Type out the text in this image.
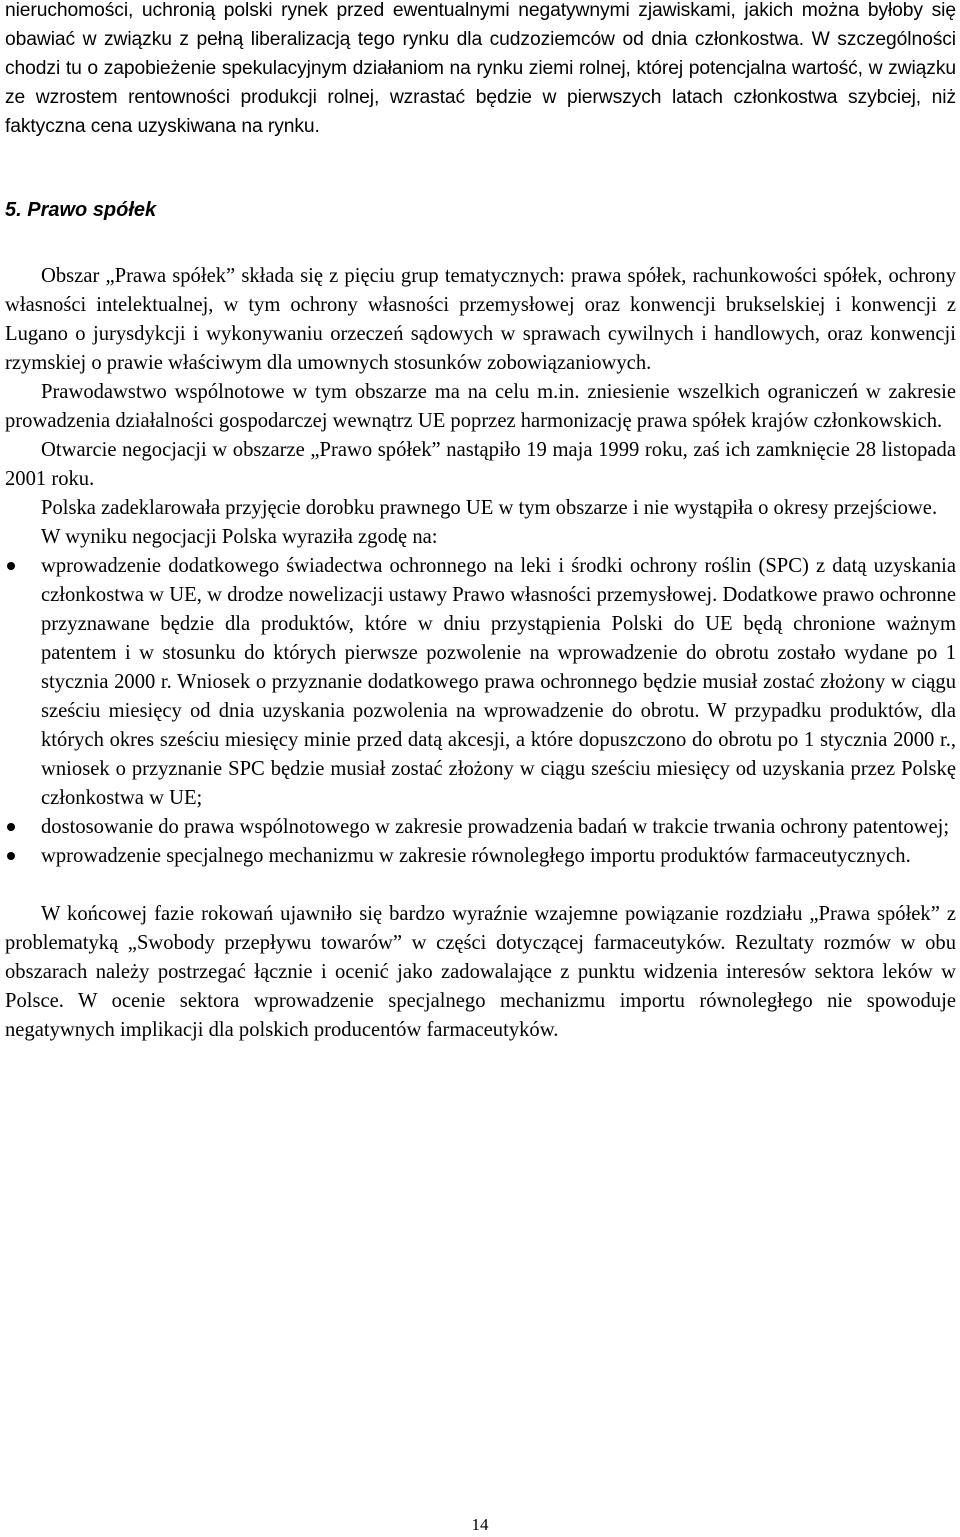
nieruchomości, uchronią polski rynek przed ewentualnymi negatywnymi zjawiskami, jakich można byłoby się obawiać w związku z pełną liberalizacją tego rynku dla cudzoziemców od dnia członkostwa. W szczególności chodzi tu o zapobieżenie spekulacyjnym działaniom na rynku ziemi rolnej, której potencjalna wartość, w związku ze wzrostem rentowności produkcji rolnej, wzrastać będzie w pierwszych latach członkostwa szybciej, niż faktyczna cena uzyskiwana na rynku.

5. Prawo spółek

Obszar „Prawa spółek” składa się z pięciu grup tematycznych: prawa spółek, rachunkowości spółek, ochrony własności intelektualnej, w tym ochrony własności przemysłowej oraz konwencji brukselskiej i konwencji z Lugano o jurysdykcji i wykonywaniu orzeczeń sądowych w sprawach cywilnych i handlowych, oraz konwencji rzymskiej o prawie właściwym dla umownych stosunków zobowiązaniowych.

Prawodawstwo wspólnotowe w tym obszarze ma na celu m.in. zniesienie wszelkich ograniczeń w zakresie prowadzenia działalności gospodarczej wewnątrz UE poprzez harmonizację prawa spółek krajów członkowskich.

Otwarcie negocjacji w obszarze „Prawo spółek” nastąpiło 19 maja 1999 roku, zaś ich zamknięcie 28 listopada 2001 roku.

Polska zadeklarowała przyjęcie dorobku prawnego UE w tym obszarze i nie wystąpiła o okresy przejściowe.

W wyniku negocjacji Polska wyraziła zgodę na:

wprowadzenie dodatkowego świadectwa ochronnego na leki i środki ochrony roślin (SPC) z datą uzyskania członkostwa w UE, w drodze nowelizacji ustawy Prawo własności przemysłowej. Dodatkowe prawo ochronne przyznawane będzie dla produktów, które w dniu przystąpienia Polski do UE będą chronione ważnym patentem i w stosunku do których pierwsze pozwolenie na wprowadzenie do obrotu zostało wydane po 1 stycznia 2000 r. Wniosek o przyznanie dodatkowego prawa ochronnego będzie musiał zostać złożony w ciągu sześciu miesięcy od dnia uzyskania pozwolenia na wprowadzenie do obrotu. W przypadku produktów, dla których okres sześciu miesięcy minie przed datą akcesji, a które dopuszczono do obrotu po 1 stycznia 2000 r., wniosek o przyznanie SPC będzie musiał zostać złożony w ciągu sześciu miesięcy od uzyskania przez Polskę członkostwa w UE;
dostosowanie do prawa wspólnotowego w zakresie prowadzenia badań w trakcie trwania ochrony patentowej;
wprowadzenie specjalnego mechanizmu w zakresie równoległego importu produktów farmaceutycznych.

W końcowej fazie rokowań ujawniło się bardzo wyraźnie wzajemne powiązanie rozdziału „Prawa spółek” z problematyką „Swobody przepływu towarów” w części dotyczącej farmaceutyków. Rezultaty rozmów w obu obszarach należy postrzegać łącznie i ocenić jako zadowalające z punktu widzenia interesów sektora leków w Polsce. W ocenie sektora wprowadzenie specjalnego mechanizmu importu równoległego nie spowoduje negatywnych implikacji dla polskich producentów farmaceutyków.

14
